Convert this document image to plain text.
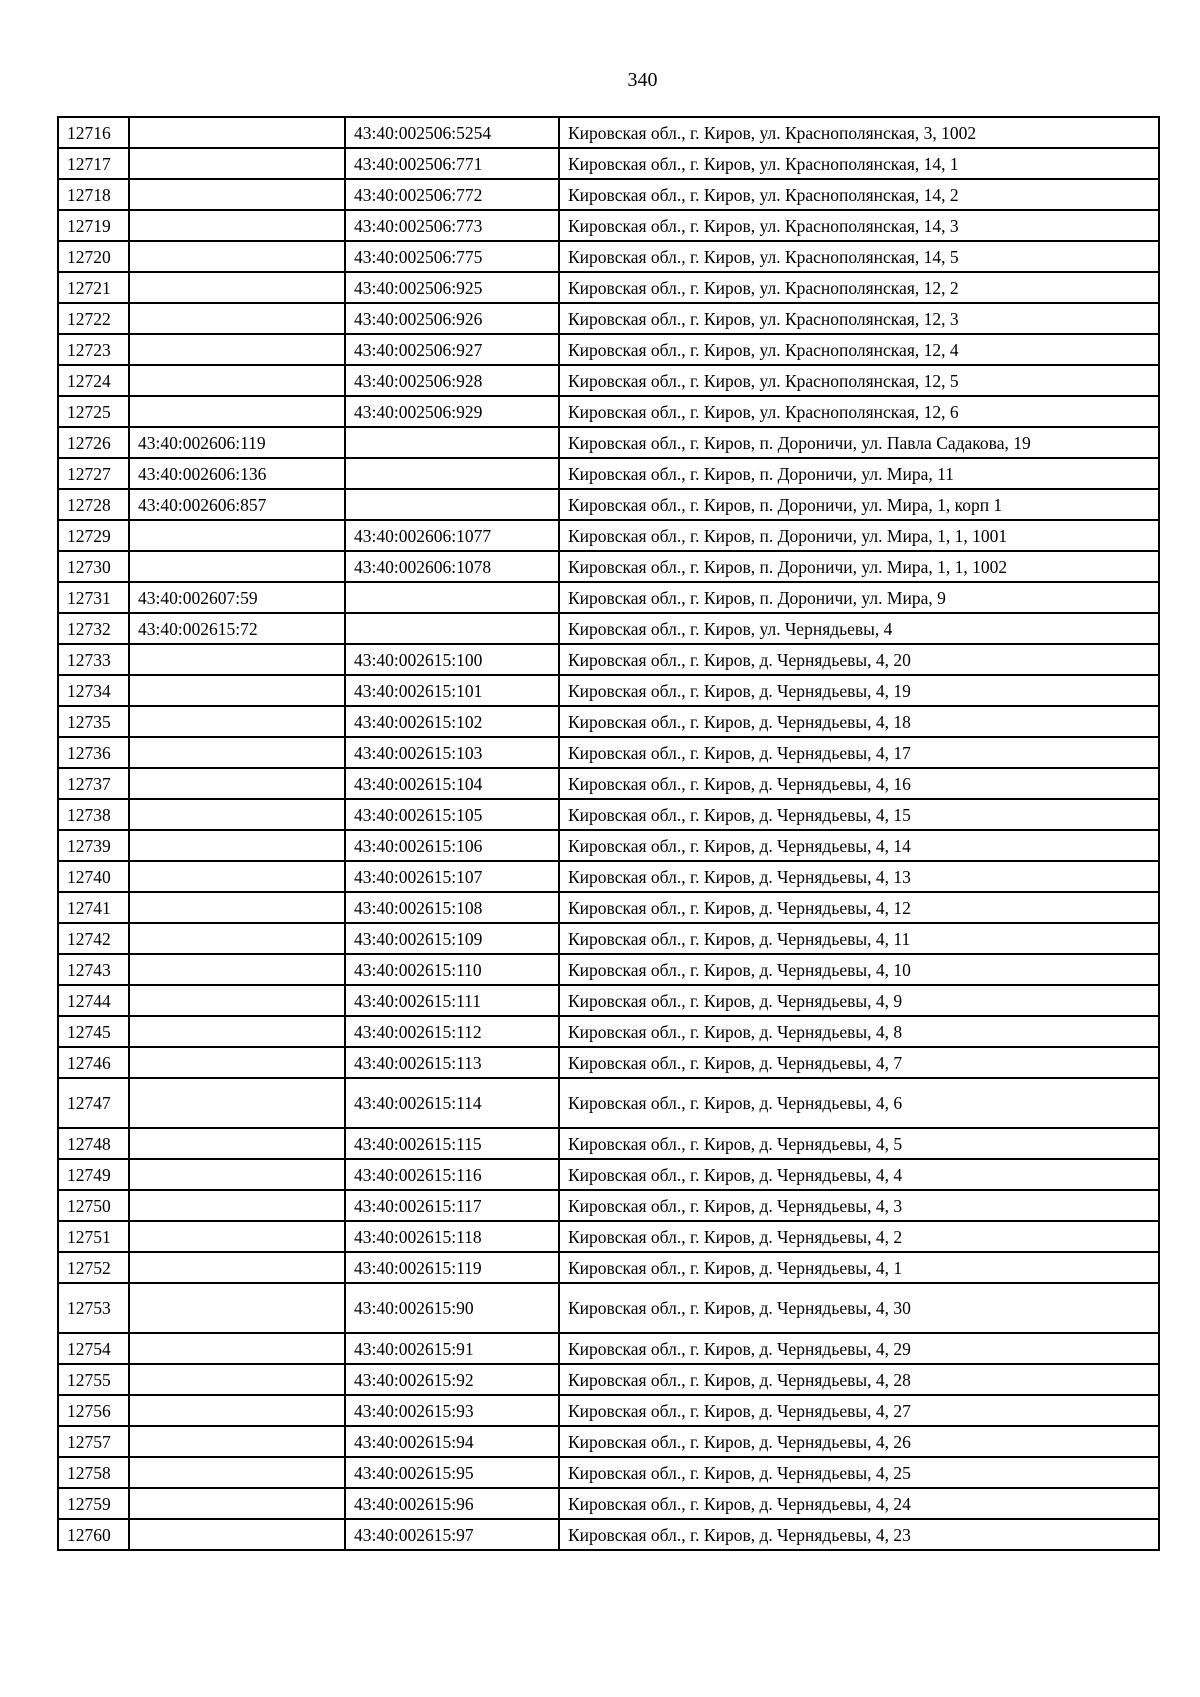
340
12716		43:40:002506:5254	Кировская обл., г. Киров, ул. Краснополянская, 3, 1002
12717		43:40:002506:771	Кировская обл., г. Киров, ул. Краснополянская, 14, 1
12718		43:40:002506:772	Кировская обл., г. Киров, ул. Краснополянская, 14, 2
12719		43:40:002506:773	Кировская обл., г. Киров, ул. Краснополянская, 14, 3
12720		43:40:002506:775	Кировская обл., г. Киров, ул. Краснополянская, 14, 5
12721		43:40:002506:925	Кировская обл., г. Киров, ул. Краснополянская, 12, 2
12722		43:40:002506:926	Кировская обл., г. Киров, ул. Краснополянская, 12, 3
12723		43:40:002506:927	Кировская обл., г. Киров, ул. Краснополянская, 12, 4
12724		43:40:002506:928	Кировская обл., г. Киров, ул. Краснополянская, 12, 5
12725		43:40:002506:929	Кировская обл., г. Киров, ул. Краснополянская, 12, 6
12726	43:40:002606:119		Кировская обл., г. Киров, п. Дороничи, ул. Павла Садакова, 19
12727	43:40:002606:136		Кировская обл., г. Киров, п. Дороничи, ул. Мира, 11
12728	43:40:002606:857		Кировская обл., г. Киров, п. Дороничи, ул. Мира, 1, корп 1
12729		43:40:002606:1077	Кировская обл., г. Киров, п. Дороничи, ул. Мира, 1, 1, 1001
12730		43:40:002606:1078	Кировская обл., г. Киров, п. Дороничи, ул. Мира, 1, 1, 1002
12731	43:40:002607:59		Кировская обл., г. Киров, п. Дороничи, ул. Мира, 9
12732	43:40:002615:72		Кировская обл., г. Киров, ул. Чернядьевы, 4
12733		43:40:002615:100	Кировская обл., г. Киров, д. Чернядьевы, 4, 20
12734		43:40:002615:101	Кировская обл., г. Киров, д. Чернядьевы, 4, 19
12735		43:40:002615:102	Кировская обл., г. Киров, д. Чернядьевы, 4, 18
12736		43:40:002615:103	Кировская обл., г. Киров, д. Чернядьевы, 4, 17
12737		43:40:002615:104	Кировская обл., г. Киров, д. Чернядьевы, 4, 16
12738		43:40:002615:105	Кировская обл., г. Киров, д. Чернядьевы, 4, 15
12739		43:40:002615:106	Кировская обл., г. Киров, д. Чернядьевы, 4, 14
12740		43:40:002615:107	Кировская обл., г. Киров, д. Чернядьевы, 4, 13
12741		43:40:002615:108	Кировская обл., г. Киров, д. Чернядьевы, 4, 12
12742		43:40:002615:109	Кировская обл., г. Киров, д. Чернядьевы, 4, 11
12743		43:40:002615:110	Кировская обл., г. Киров, д. Чернядьевы, 4, 10
12744		43:40:002615:111	Кировская обл., г. Киров, д. Чернядьевы, 4, 9
12745		43:40:002615:112	Кировская обл., г. Киров, д. Чернядьевы, 4, 8
12746		43:40:002615:113	Кировская обл., г. Киров, д. Чернядьевы, 4, 7
12747		43:40:002615:114	Кировская обл., г. Киров, д. Чернядьевы, 4, 6
12748		43:40:002615:115	Кировская обл., г. Киров, д. Чернядьевы, 4, 5
12749		43:40:002615:116	Кировская обл., г. Киров, д. Чернядьевы, 4, 4
12750		43:40:002615:117	Кировская обл., г. Киров, д. Чернядьевы, 4, 3
12751		43:40:002615:118	Кировская обл., г. Киров, д. Чернядьевы, 4, 2
12752		43:40:002615:119	Кировская обл., г. Киров, д. Чернядьевы, 4, 1
12753		43:40:002615:90	Кировская обл., г. Киров, д. Чернядьевы, 4, 30
12754		43:40:002615:91	Кировская обл., г. Киров, д. Чернядьевы, 4, 29
12755		43:40:002615:92	Кировская обл., г. Киров, д. Чернядьевы, 4, 28
12756		43:40:002615:93	Кировская обл., г. Киров, д. Чернядьевы, 4, 27
12757		43:40:002615:94	Кировская обл., г. Киров, д. Чернядьевы, 4, 26
12758		43:40:002615:95	Кировская обл., г. Киров, д. Чернядьевы, 4, 25
12759		43:40:002615:96	Кировская обл., г. Киров, д. Чернядьевы, 4, 24
12760		43:40:002615:97	Кировская обл., г. Киров, д. Чернядьевы, 4, 23
